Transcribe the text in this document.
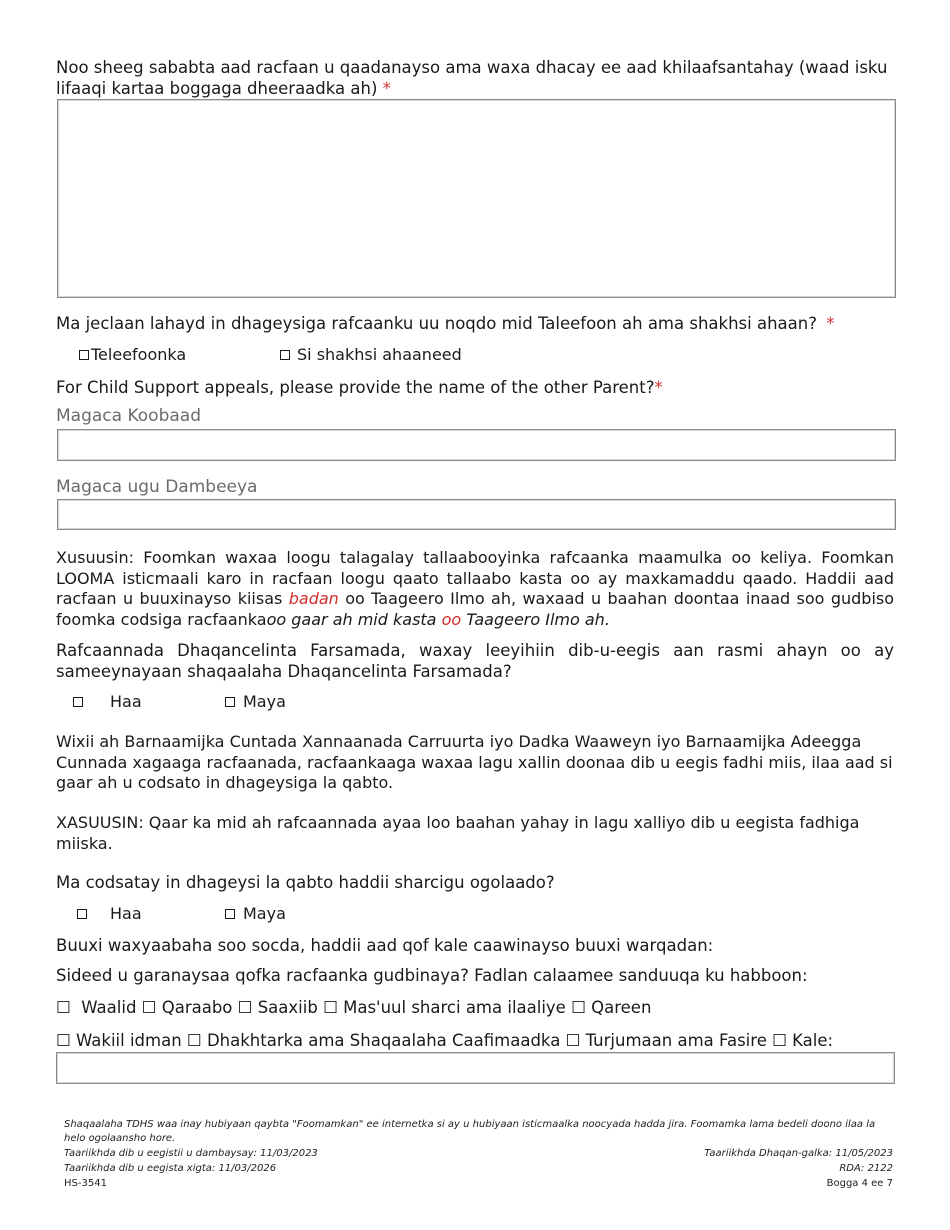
Noo sheeg sababta aad racfaan u qaadanayso ama waxa dhacay ee aad khilaafsantahay (waad isku lifaaqi kartaa boggaga dheeraadka ah) *
Ma jeclaan lahayd in dhageysiga rafcaanku uu noqdo mid Taleefoon ah ama shakhsi ahaan? *
Teleefoonka	Si shakhsi ahaaneed
For Child Support appeals, please provide the name of the other Parent?*
Magaca Koobaad
Magaca ugu Dambeeya
Xusuusin: Foomkan waxaa loogu talagalay tallaabooyinka rafcaanka maamulka oo keliya. Foomkan LOOMA isticmaali karo in racfaan loogu qaato tallaabo kasta oo ay maxkamaddu qaado. Haddii aad racfaan u buuxinayso kiisas badan oo Taageero Ilmo ah, waxaad u baahan doontaa inaad soo gudbiso foomka codsiga racfaankaoo gaar ah mid kasta oo Taageero Ilmo ah.
Rafcaannada Dhaqancelinta Farsamada, waxay leeyihiin dib-u-eegis aan rasmi ahayn oo ay sameeynayaan shaqaalaha Dhaqancelinta Farsamada?
Haa	Maya
Wixii ah Barnaamijka Cuntada Xannaanada Carruurta iyo Dadka Waaweyn iyo Barnaamijka Adeegga Cunnada xagaaga racfaanada, racfaankaaga waxaa lagu xallin doonaa dib u eegis fadhi miis, ilaa aad si gaar ah u codsato in dhageysiga la qabto.
XASUUSIN: Qaar ka mid ah rafcaannada ayaa loo baahan yahay in lagu xalliyo dib u eegista fadhiga miiska.
Ma codsatay in dhageysi la qabto haddii sharcigu ogolaado?
Haa	Maya
Buuxi waxyaabaha soo socda, haddii aad qof kale caawinayso buuxi warqadan:
Sideed u garanaysaa qofka racfaanka gudbinaya? Fadlan calaamee sanduuqa ku habboon:
☐ Waalid ☐ Qaraabo ☐ Saaxiib ☐ Mas'uul sharci ama ilaaliye ☐ Qareen
☐ Wakiil idman ☐ Dhakhtarka ama Shaqaalaha Caafimaadka ☐ Turjumaan ama Fasire ☐ Kale:
Shaqaalaha TDHS waa inay hubiyaan qaybta "Foomamkan" ee internetka si ay u hubiyaan isticmaalka noocyada hadda jira. Foomamka lama bedeli doono ilaa la helo ogolaansho hore.
Taariikhda dib u eegistii u dambaysay: 11/03/2023
Taariikhda dib u eegista xigta: 11/03/2026
HS-3541
Taariikhda Dhaqan-galka: 11/05/2023
RDA: 2122
Bogga 4 ee 7
